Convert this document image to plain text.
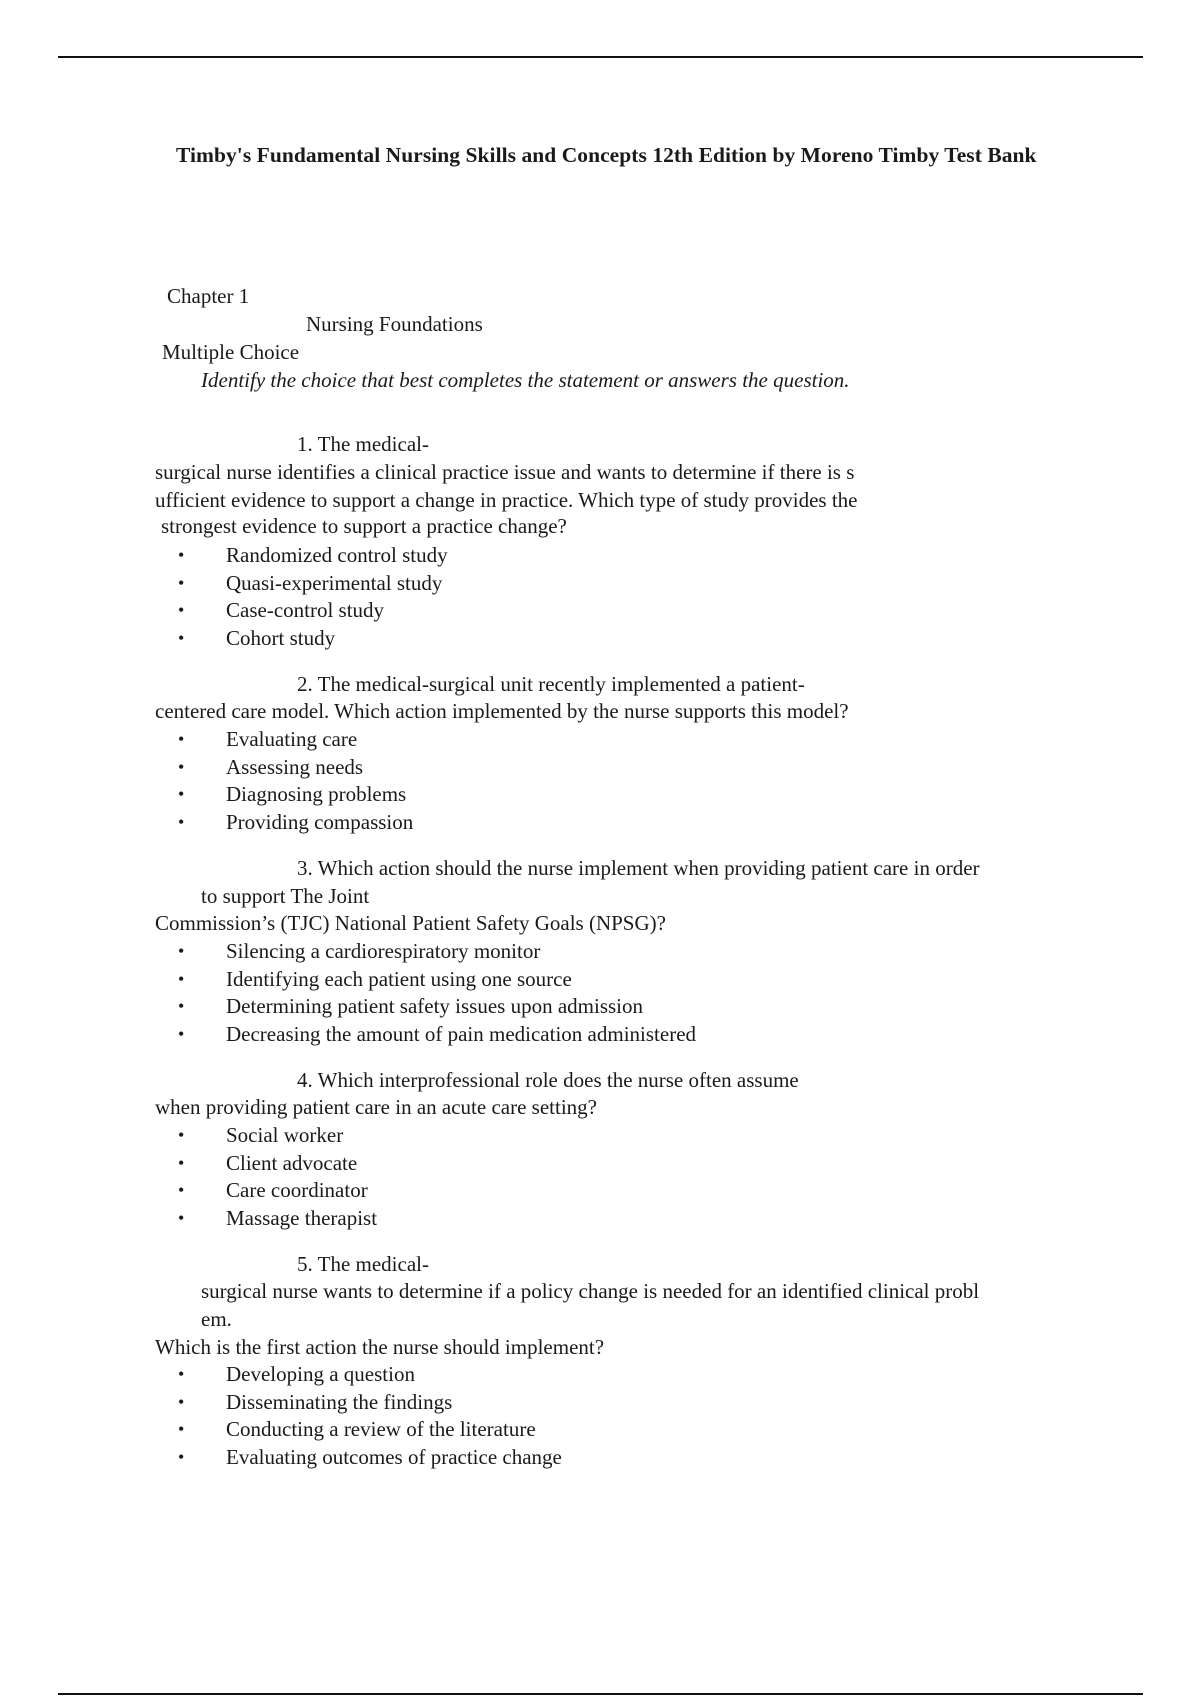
Timby's Fundamental Nursing Skills and Concepts 12th Edition by Moreno Timby Test Bank
Chapter 1
Nursing Foundations
Multiple Choice
Identify the choice that best completes the statement or answers the question.
1. The medical-
surgical nurse identifies a clinical practice issue and wants to determine if there is s
ufficient evidence to support a change in practice. Which type of study provides the
strongest evidence to support a practice change?
• Randomized control study
• Quasi-experimental study
• Case-control study
• Cohort study
2. The medical-surgical unit recently implemented a patient-
centered care model. Which action implemented by the nurse supports this model?
• Evaluating care
• Assessing needs
• Diagnosing problems
• Providing compassion
3. Which action should the nurse implement when providing patient care in order
to support The Joint
Commission’s (TJC) National Patient Safety Goals (NPSG)?
• Silencing a cardiorespiratory monitor
• Identifying each patient using one source
• Determining patient safety issues upon admission
• Decreasing the amount of pain medication administered
4. Which interprofessional role does the nurse often assume
when providing patient care in an acute care setting?
• Social worker
• Client advocate
• Care coordinator
• Massage therapist
5. The medical-
surgical nurse wants to determine if a policy change is needed for an identified clinical probl
em.
Which is the first action the nurse should implement?
• Developing a question
• Disseminating the findings
• Conducting a review of the literature
• Evaluating outcomes of practice change
